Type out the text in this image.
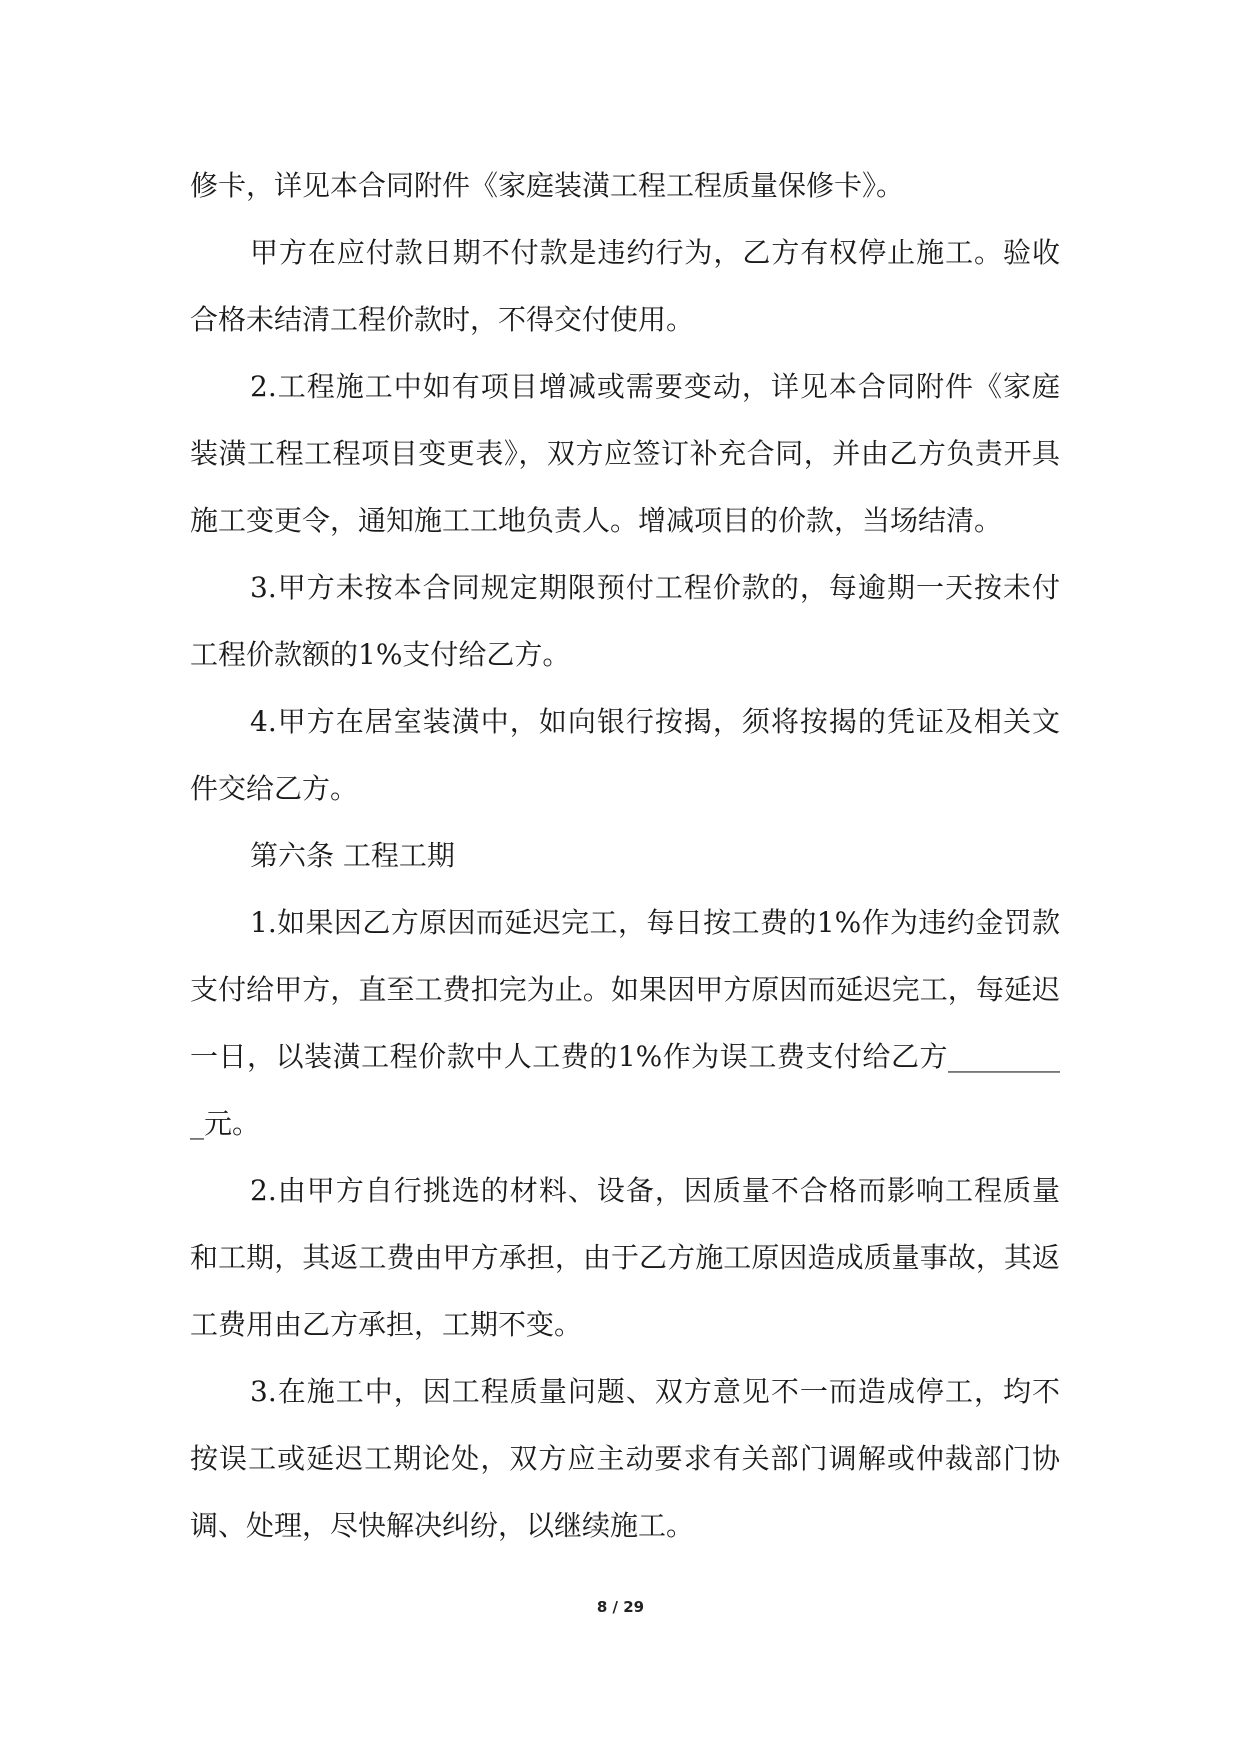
修卡，详见本合同附件《家庭装潢工程工程质量保修卡》。

甲方在应付款日期不付款是违约行为，乙方有权停止施工。验收合格未结清工程价款时，不得交付使用。

2.工程施工中如有项目增减或需要变动，详见本合同附件《家庭装潢工程工程项目变更表》，双方应签订补充合同，并由乙方负责开具施工变更令，通知施工工地负责人。增减项目的价款，当场结清。

3.甲方未按本合同规定期限预付工程价款的，每逾期一天按未付工程价款额的1%支付给乙方。

4.甲方在居室装潢中，如向银行按揭，须将按揭的凭证及相关文件交给乙方。

第六条 工程工期

1.如果因乙方原因而延迟完工，每日按工费的1%作为违约金罚款支付给甲方，直至工费扣完为止。如果因甲方原因而延迟完工，每延迟一日，以装潢工程价款中人工费的1%作为误工费支付给乙方_________元。

2.由甲方自行挑选的材料、设备，因质量不合格而影响工程质量和工期，其返工费由甲方承担，由于乙方施工原因造成质量事故，其返工费用由乙方承担，工期不变。

3.在施工中，因工程质量问题、双方意见不一而造成停工，均不按误工或延迟工期论处，双方应主动要求有关部门调解或仲裁部门协调、处理，尽快解决纠纷，以继续施工。

8 / 29
